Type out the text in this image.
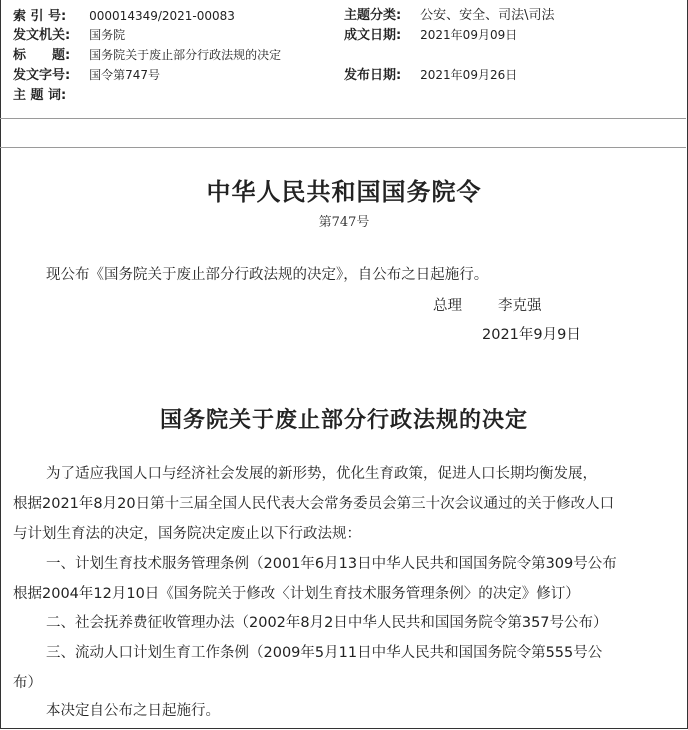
索 引 号: 000014349/2021-00083
发文机关: 国务院
标　　题: 国务院关于废止部分行政法规的决定
发文字号: 国令第747号
主 题 词:
主题分类: 公安、安全、司法\司法
成文日期: 2021年09月09日
发布日期: 2021年09月26日
中华人民共和国国务院令
第747号
现公布《国务院关于废止部分行政法规的决定》，自公布之日起施行。
总理 李克强
2021年9月9日
国务院关于废止部分行政法规的决定
为了适应我国人口与经济社会发展的新形势，优化生育政策，促进人口长期均衡发展，
根据2021年8月20日第十三届全国人民代表大会常务委员会第三十次会议通过的关于修改人口
与计划生育法的决定，国务院决定废止以下行政法规：
一、计划生育技术服务管理条例（2001年6月13日中华人民共和国国务院令第309号公布
根据2004年12月10日《国务院关于修改〈计划生育技术服务管理条例〉的决定》修订）
二、社会抚养费征收管理办法（2002年8月2日中华人民共和国国务院令第357号公布）
三、流动人口计划生育工作条例（2009年5月11日中华人民共和国国务院令第555号公
布）
本决定自公布之日起施行。
